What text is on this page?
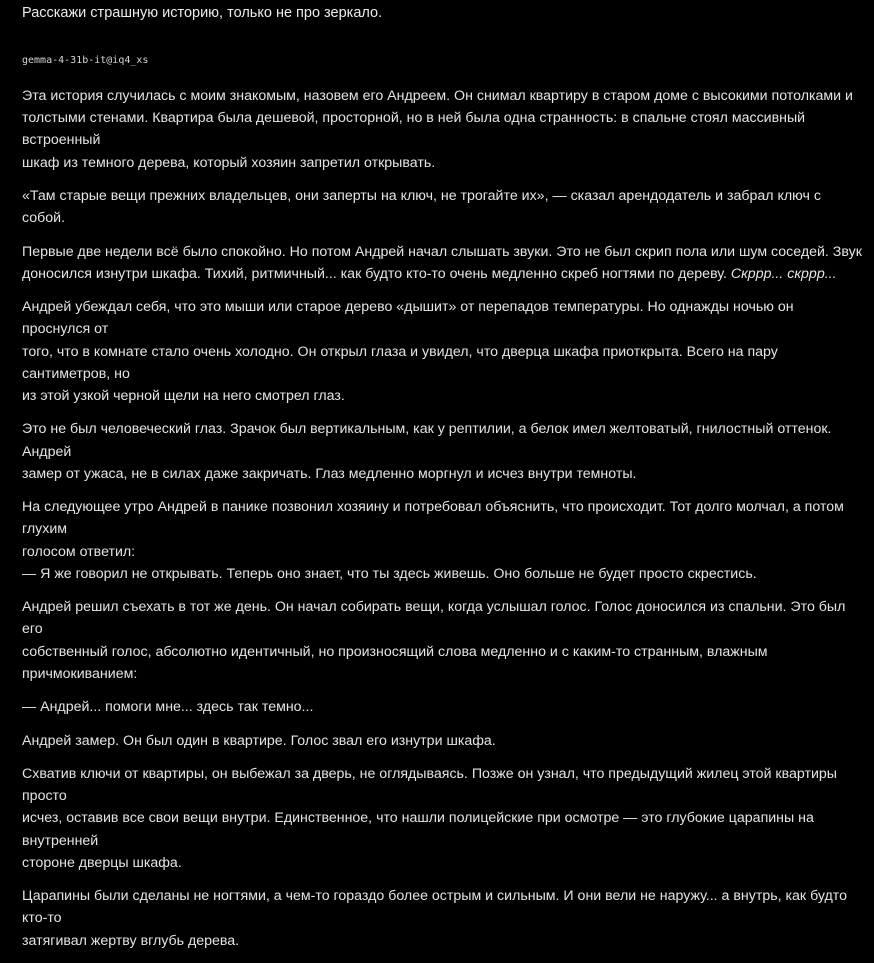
Расскажи страшную историю, только не про зеркало.
gemma-4-31b-it@iq4_xs
Эта история случилась с моим знакомым, назовем его Андреем. Он снимал квартиру в старом доме с высокими потолками и
толстыми стенами. Квартира была дешевой, просторной, но в ней была одна странность: в спальне стоял массивный встроенный
шкаф из темного дерева, который хозяин запретил открывать.
«Там старые вещи прежних владельцев, они заперты на ключ, не трогайте их», — сказал арендодатель и забрал ключ с собой.
Первые две недели всё было спокойно. Но потом Андрей начал слышать звуки. Это не был скрип пола или шум соседей. Звук
доносился изнутри шкафа. Тихий, ритмичный... как будто кто-то очень медленно скреб ногтями по дереву. Скррр... скррр...
Андрей убеждал себя, что это мыши или старое дерево «дышит» от перепадов температуры. Но однажды ночью он проснулся от
того, что в комнате стало очень холодно. Он открыл глаза и увидел, что дверца шкафа приоткрыта. Всего на пару сантиметров, но
из этой узкой черной щели на него смотрел глаз.
Это не был человеческий глаз. Зрачок был вертикальным, как у рептилии, а белок имел желтоватый, гнилостный оттенок. Андрей
замер от ужаса, не в силах даже закричать. Глаз медленно моргнул и исчез внутри темноты.
На следующее утро Андрей в панике позвонил хозяину и потребовал объяснить, что происходит. Тот долго молчал, а потом глухим
голосом ответил:
— Я же говорил не открывать. Теперь оно знает, что ты здесь живешь. Оно больше не будет просто скрестись.
Андрей решил съехать в тот же день. Он начал собирать вещи, когда услышал голос. Голос доносился из спальни. Это был его
собственный голос, абсолютно идентичный, но произносящий слова медленно и с каким-то странным, влажным причмокиванием:
— Андрей... помоги мне... здесь так темно...
Андрей замер. Он был один в квартире. Голос звал его изнутри шкафа.
Схватив ключи от квартиры, он выбежал за дверь, не оглядываясь. Позже он узнал, что предыдущий жилец этой квартиры просто
исчез, оставив все свои вещи внутри. Единственное, что нашли полицейские при осмотре — это глубокие царапины на внутренней
стороне дверцы шкафа.
Царапины были сделаны не ногтями, а чем-то гораздо более острым и сильным. И они вели не наружу... а внутрь, как будто кто-то
затягивал жертву вглубь дерева.
